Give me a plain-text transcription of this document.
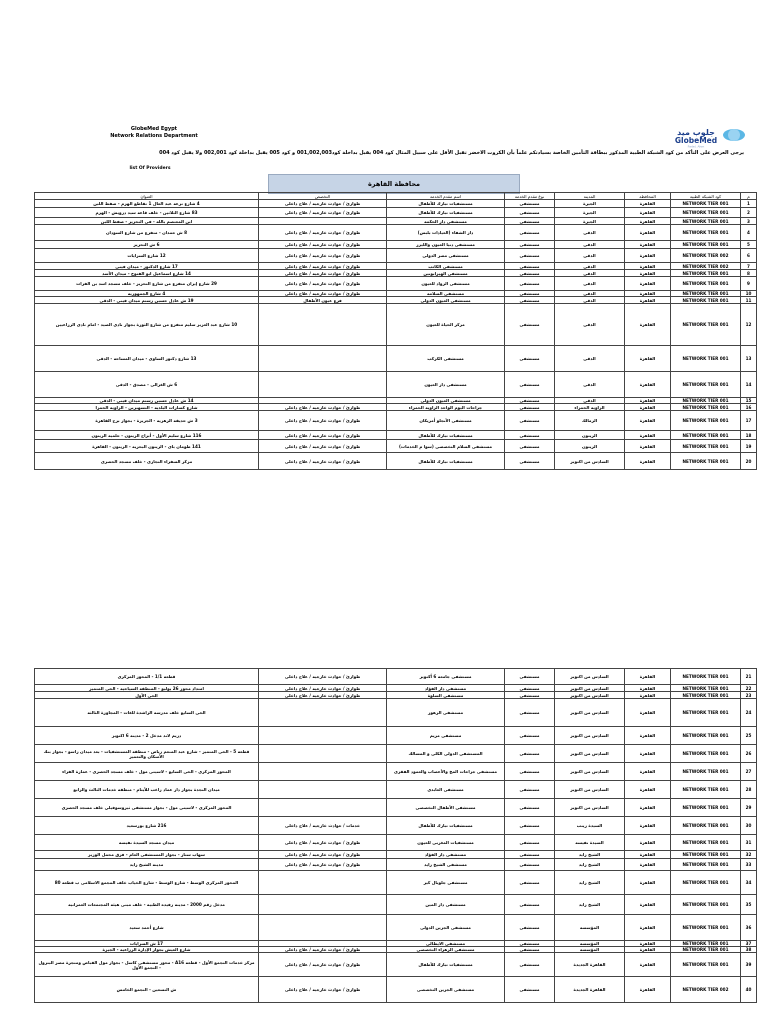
GlobeMed Egypt
Network Relations Department	جلوب ميد
GlobeMed
Fadel. Ahm
يرجى العرض على التأكد من كود الشبكة الطبية المذكور ببطاقة التأمين الخاصة بسيادتكم علماً بأن الكروت الاخضر تقبل الأقل على سبيل المثال كود 004 يقبل بداخلة كود001,002,003 و كود 005 يقبل بداخلة كود 002,001 ولا يقبل كود 004
list Of Providers
محافظة القاهرة
م	كود الشبكة الطبية	المحافظة	المدينة	نوع مقدم الخدمة	اسم مقدم الخدمة	التخصص	العنوان
1	NETWORK TIER 001	القاهرة	الجيزة	مستشفى	مستشفيات تبارك للأطفال	طوارئ / حوادث خارجية / علاج داخلى	4 شارع ترعة عبد العال 1 تقاطع الهرم - صفط اللبن
2	NETWORK TIER 001	القاهرة	الجيزة	مستشفى	مستشفيات تبارك للأطفال	طوارئ / حوادث خارجية / علاج داخلى	83 شارع الثلاثين - خلف قاعة سيد درويش - الهرم
3	NETWORK TIER 001	القاهرة	الجيزة	مستشفى	مستشفى دار الحكمة		ابن المعتصم بالله - فى التحرير - صفط اللبن
4	NETWORK TIER 001	القاهرة	الدقى	مستشفى	دار الشفاء (العيادات بلبس)	طوارئ / حوادث خارجية / علاج داخلى	8 ش حمدان - متفرع من شارع السودان
5	NETWORK TIER 001	القاهرة	الدقى	مستشفى	مستشفى دنيا العيون والليزر	طوارئ / حوادث خارجية / علاج داخلى	6 ش التحرير
6	NETWORK TIER 002	القاهرة	الدقى	مستشفى	مستشفى مصر الدولى	طوارئ / حوادث خارجية / علاج داخلى	12 شارع السرايات
7	NETWORK TIER 002	القاهرة	الدقى	مستشفى	مستشفى الكاتب	طوارئ / حوادث خارجية / علاج داخلى	17 شارع الدكتور - ميدان فينى
8	NETWORK TIER 001	القاهرة	الدقى	مستشفى	مستشفى الهيرابونين	طوارئ / حوادث خارجية / علاج داخلى	14 شارع اسماعيل ابو الفتوح - ميدان الأسد
9	NETWORK TIER 001	القاهرة	الدقى	مستشفى	مستشفى الرواد للعيون	طوارئ / حوادث خارجية / علاج داخلى	29 شارع إيران متفرع من شارع التحرير - خلف مسجد اسد بن الفرات
10	NETWORK TIER 001	القاهرة	الدقى	مستشفى	مستشفى السلامة	طوارئ / حوادث خارجية / علاج داخلى	4 شارع الجمهورية
11	NETWORK TIER 001	القاهرة	الدقى	مستشفى	مستشفى العيون الدولى	فرع عيون الأطفال	19 ش عادل حسين رستم ميدان فينى - الدقى
12	NETWORK TIER 001	القاهرة	الدقى	مستشفى	مركز الحياة للعيون		10 شارع عبد العزيز سليم متفرع من شارع الثورة بجوار نادى الصيد - امام نادى الزراعيين
13	NETWORK TIER 001	القاهرة	الدقى	مستشفى	مستشفى الكركب		13 شارع دكتور الساوى - ميدان المساحة - الدقى
14	NETWORK TIER 001	القاهرة	الدقى	مستشفى	مستشفى دار العيون		6 ش الغزالى - مصدق - الدقى
15	NETWORK TIER 001	القاهرة	الدقى	مستشفى	مستشفى العيون الدولى		14 ش عادل حسين رستم ميدان فينى - الدقى
16	NETWORK TIER 001	القاهرة	الزاوية الحمراء	مستشفى	جراحات اليوم الواحد الزاوية الحمراء	طوارئ / حوادث خارجية / علاج داخلى	شارع كسارات البلدية - التسهيرين - الزاوية الحمرا
17	NETWORK TIER 001	القاهرة	الزمالك	مستشفى	مستشفى الأنجلو أمريكان	طوارئ / حوادث خارجية / علاج داخلى	3 ش حديقة الزهرية - الجزيرة - بجوار برج القاهرة
18	NETWORK TIER 001	القاهرة	الزيتون	مستشفى	مستشفيات تبارك للأطفال	طوارئ / حوادث خارجية / علاج داخلى	116 شارع سليم الأول - أبراج الزيتون - حلمية الزيتون
19	NETWORK TIER 001	القاهرة	الزيتون	مستشفى	مستشفى السلام التخصصى (سوا م الخدمات)	طوارئ / حوادث خارجية / علاج داخلى	141 طومان باى - الزيتون البحرية - الزيتون - القاهرة
20	NETWORK TIER 001	القاهرة	السادس من اكتوبر	مستشفى	مستشفيات تبارك للأطفال	طوارئ / حوادث خارجية / علاج داخلى	مركز السفراء التجارى - خلف مسجد الحصرى
21	NETWORK TIER 001	القاهرة	السادس من اكتوبر	مستشفى	مستشفى جامعة 6 أكتوبر	طوارئ / حوادث خارجية / علاج داخلى	قطعة 1/1 - المحور المركزى
22	NETWORK TIER 001	القاهرة	السادس من اكتوبر	مستشفى	مستشفى دار الفؤاد	طوارئ / حوادث خارجية / علاج داخلى	امتداد محور 26 يوليو - المنطقة السياحية - الحى المتميز
23	NETWORK TIER 001	القاهرة	السادس من اكتوبر	مستشفى	مستشفى السلوة	طوارئ / حوادث خارجية / علاج داخلى	الحى الأول
24	NETWORK TIER 001	القاهرة	السادس من اكتوبر	مستشفى	مستشفى الزهور		الحى السابع خلف مدرسة الراشدة للغات - المجاورة الثالثة
25	NETWORK TIER 001	القاهرة	السادس من اكتوبر	مستشفى	مستشفى مريم		دريم لاند مدخل 2 - مدينة 6 اكتوبر
26	NETWORK TIER 001	القاهرة	السادس من اكتوبر	مستشفى	المستشفى الدولى الكلى و المسالك		قطعة 5 - الحى المتميز - شارع عبد المنعم رياض - منطقة المستشفيات - بعد ميدان راسو - بجوار بنك الأسكان والتعمير
27	NETWORK TIER 001	القاهرة	السادس من اكتوبر	مستشفى	مستشفى جراحات المخ والأعصاب والعمود الفقرى		المحور المركزى - الحى السابع - لاسيتى مول - خلف مسجد الحصرى - عمارة الفراء
28	NETWORK TIER 001	القاهرة	السادس من اكتوبر	مستشفى	مستشفى العابدى		ميدان النجدة بجوار دار عماد راغب للأيتام - منطقة خدمات الثالث والرابع
29	NETWORK TIER 001	القاهرة	السادس من اكتوبر	مستشفى	مستشفى الأطفال التخصصى		المحور المركزى - لاسيتى مول - بجوار مستشفى ثيروسوفيلي خلف مسجد الحصرى
30	NETWORK TIER 001	القاهرة	السيدة زينب	مستشفى	مستشفيات تبارك للأطفال	خدمات / حوادث خارجية / علاج داخلى	216 شارع بورسعيد
31	NETWORK TIER 001	القاهرة	السيدة نفيسة	مستشفى	مستشفيات المغربى للعيون	طوارئ / حوادث خارجية / علاج داخلى	ميدان مسجد السيدة نفيسه
32	NETWORK TIER 001	القاهرة	الشيخ زايد	مستشفى	مستشفى دار الفؤاد	طوارئ / حوادث خارجية / علاج داخلى	سهاب ستار - بجوار المستشفى العام - فرق محمل الوزير
33	NETWORK TIER 001	القاهرة	الشيخ زايد	مستشفى	مستشفى الشيخ زايد	طوارئ / حوادث خارجية / علاج داخلى	مدينة الشيخ زايد
34	NETWORK TIER 001	القاهرة	الشيخ زايد	مستشفى	مستشفى جلوبال كير		المحور المركزى الوسط - شارع الوسط - شارع الخياب خلف المجمع الاسلامى ب قطعة 80
35	NETWORK TIER 001	القاهرة	الشيخ زايد	مستشفى	مستشفى دار المين		مدخل رقم 2000 - مدينة رفيده الطبية - خلف مبنى هيئة المجتمعات العمرانية
36	NETWORK TIER 001	القاهرة	المؤسسة	مستشفى	مستشفى الجرين الدولى		شارع أحمد سعيد
37	NETWORK TIER 001	القاهرة	المؤسسة	مستشفى	مستشفى الايطالى		17 ش السرايات
38	NETWORK TIER 001	القاهرة	المؤسسة	مستشفى	مستشفى الزهراء التخصصى	طوارئ / حوادث خارجية / علاج داخلى	شارع العيش بجوار الإدارة الزراعية - الجيزة
39	NETWORK TIER 001	القاهرة	القاهرة الجديدة	مستشفى	مستشفيات تبارك للأطفال	طوارئ / حوادث خارجية / علاج داخلى	مركز خدمات التجمع الأول - قطعة A16 - محور مستشفى كاسل - بجوار مول القباض ومتجرة مصر البترول - التجمع الأول
40	NETWORK TIER 002	القاهرة	القاهرة الجديدة	مستشفى	مستشفى الجرين التخصصى	طوارئ / حوادث خارجية / علاج داخلى	ش التسعين - التجمع الخامس
